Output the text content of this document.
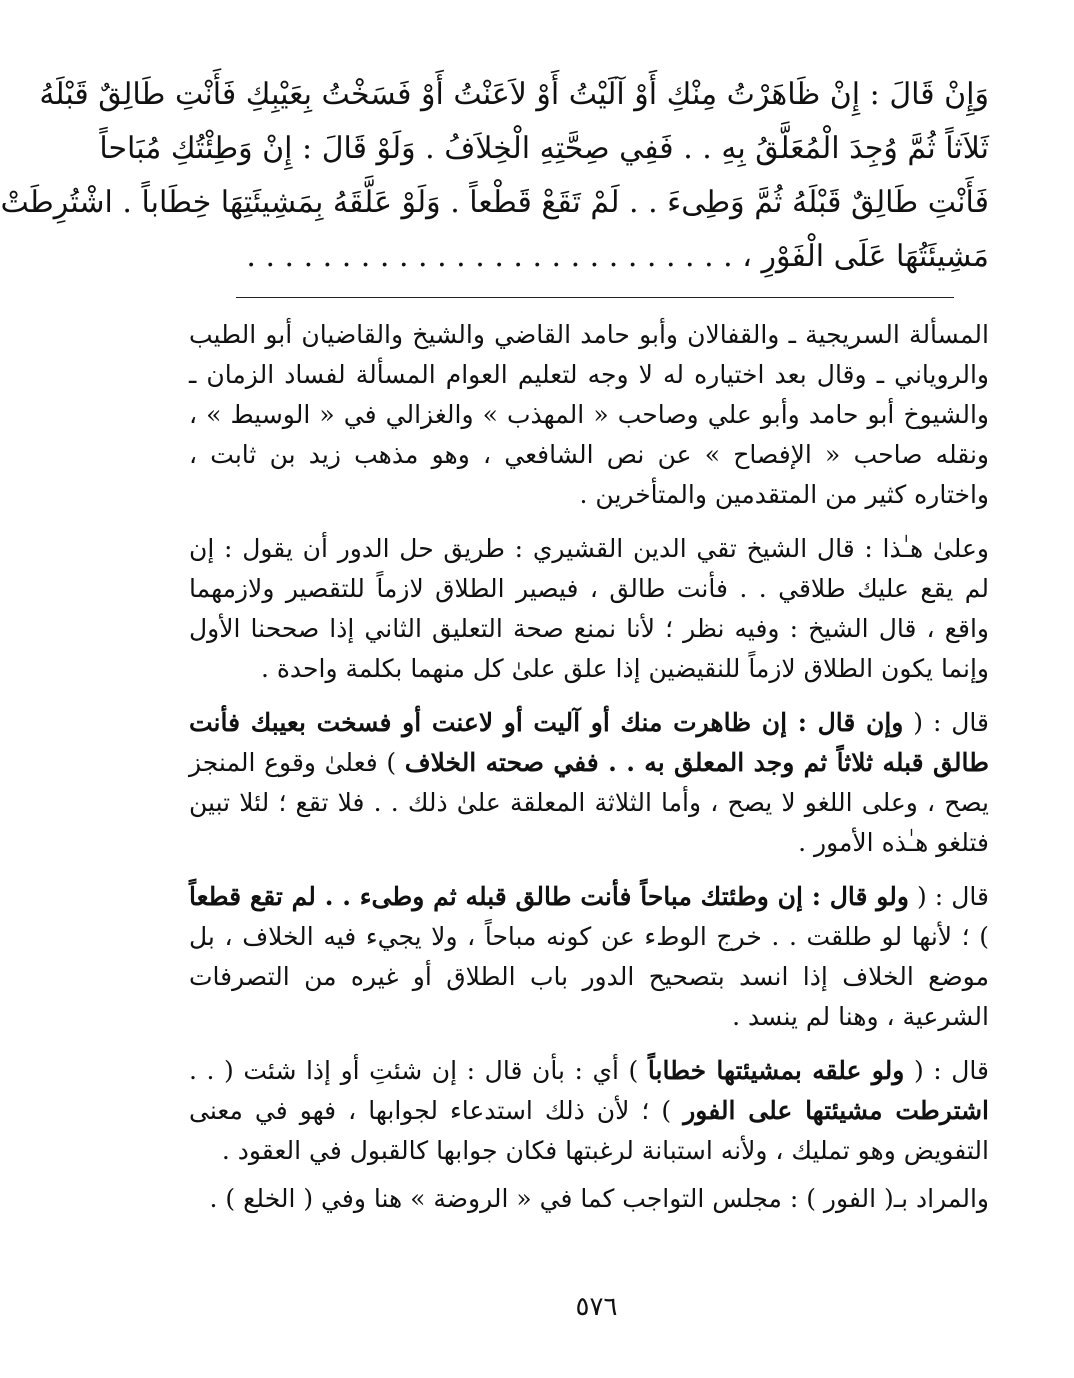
وَإِنْ قَالَ : إِنْ ظَاهَرْتُ مِنْكِ أَوْ آلَيْتُ أَوْ لاَعَنْتُ أَوْ فَسَخْتُ بِعَيْبِكِ فَأَنْتِ طَالِقٌ قَبْلَهُ
ثَلاَثاً ثُمَّ وُجِدَ الْمُعَلَّقُ بِهِ . . فَفِي صِحَّتِهِ الْخِلاَفُ . وَلَوْ قَالَ : إِنْ وَطِئْتُكِ مُبَاحاً
فَأَنْتِ طَالِقٌ قَبْلَهُ ثُمَّ وَطِىءَ . . لَمْ تَقَعْ قَطْعاً . وَلَوْ عَلَّقَهُ بِمَشِيئَتِهَا خِطَاباً . اشْتُرِطَتْ
مَشِيئَتُهَا عَلَى الْفَوْرِ ، . . . . . . . . . . . . . . . . . . . . . . . . . .

المسألة السريجية ـ والقفالان وأبو حامد القاضي والشيخ والقاضيان أبو الطيب والروياني ـ وقال بعد اختياره له لا وجه لتعليم العوام المسألة لفساد الزمان ـ والشيوخ أبو حامد وأبو علي وصاحب « المهذب » والغزالي في « الوسيط » ، ونقله صاحب « الإفصاح » عن نص الشافعي ، وهو مذهب زيد بن ثابت ، واختاره كثير من المتقدمين والمتأخرين .

وعلىٰ هـٰذا : قال الشيخ تقي الدين القشيري : طريق حل الدور أن يقول : إن لم يقع عليك طلاقي . . فأنت طالق ، فيصير الطلاق لازماً للتقصير ولازمهما واقع ، قال الشيخ : وفيه نظر ؛ لأنا نمنع صحة التعليق الثاني إذا صححنا الأول وإنما يكون الطلاق لازماً للنقيضين إذا علق علىٰ كل منهما بكلمة واحدة .

قال : ( وإن قال : إن ظاهرت منك أو آليت أو لاعنت أو فسخت بعيبك فأنت طالق قبله ثلاثاً ثم وجد المعلق به . . ففي صحته الخلاف ) فعلىٰ وقوع المنجز يصح ، وعلى اللغو لا يصح ، وأما الثلاثة المعلقة علىٰ ذلك . . فلا تقع ؛ لئلا تبين فتلغو هـٰذه الأمور .

قال : ( ولو قال : إن وطئتك مباحاً فأنت طالق قبله ثم وطىء . . لم تقع قطعاً ) ؛ لأنها لو طلقت . . خرج الوطء عن كونه مباحاً ، ولا يجيء فيه الخلاف ، بل موضع الخلاف إذا انسد بتصحيح الدور باب الطلاق أو غيره من التصرفات الشرعية ، وهنا لم ينسد .

قال : ( ولو علقه بمشيئتها خطاباً ) أي : بأن قال : إن شئتِ أو إذا شئت ( . . اشترطت مشيئتها على الفور ) ؛ لأن ذلك استدعاء لجوابها ، فهو في معنى التفويض وهو تمليك ، ولأنه استبانة لرغبتها فكان جوابها كالقبول في العقود .

والمراد بـ( الفور ) : مجلس التواجب كما في « الروضة » هنا وفي ( الخلع ) .

٥٧٦
